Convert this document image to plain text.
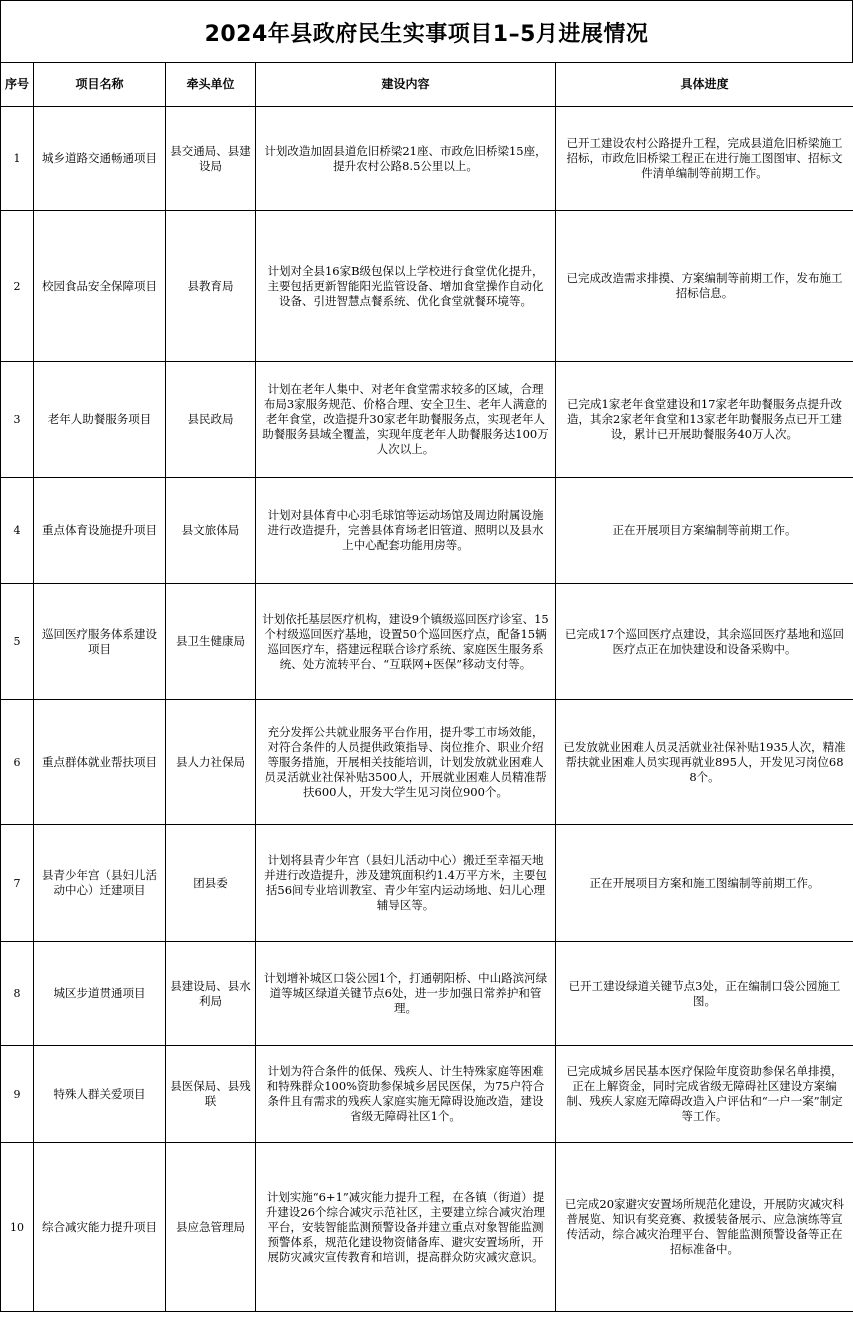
2024年县政府民生实事项目1–5月进展情况
序号	项目名称	牵头单位	建设内容	具体进度
1	城乡道路交通畅通项目	县交通局、县建设局	计划改造加固县道危旧桥梁21座、市政危旧桥梁15座，提升农村公路8.5公里以上。	已开工建设农村公路提升工程，完成县道危旧桥梁施工招标，市政危旧桥梁工程正在进行施工图图审、招标文件清单编制等前期工作。
2	校园食品安全保障项目	县教育局	计划对全县16家B级包保以上学校进行食堂优化提升，主要包括更新智能阳光监管设备、增加食堂操作自动化设备、引进智慧点餐系统、优化食堂就餐环境等。	已完成改造需求排摸、方案编制等前期工作，发布施工招标信息。
3	老年人助餐服务项目	县民政局	计划在老年人集中、对老年食堂需求较多的区域，合理布局3家服务规范、价格合理、安全卫生、老年人满意的老年食堂，改造提升30家老年助餐服务点，实现老年人助餐服务县域全覆盖，实现年度老年人助餐服务达100万人次以上。	已完成1家老年食堂建设和17家老年助餐服务点提升改造，其余2家老年食堂和13家老年助餐服务点已开工建设，累计已开展助餐服务40万人次。
4	重点体育设施提升项目	县文旅体局	计划对县体育中心羽毛球馆等运动场馆及周边附属设施进行改造提升，完善县体育场老旧管道、照明以及县水上中心配套功能用房等。	正在开展项目方案编制等前期工作。
5	巡回医疗服务体系建设项目	县卫生健康局	计划依托基层医疗机构，建设9个镇级巡回医疗诊室、15个村级巡回医疗基地，设置50个巡回医疗点，配备15辆巡回医疗车，搭建远程联合诊疗系统、家庭医生服务系统、处方流转平台、“互联网+医保”移动支付等。	已完成17个巡回医疗点建设，其余巡回医疗基地和巡回医疗点正在加快建设和设备采购中。
6	重点群体就业帮扶项目	县人力社保局	充分发挥公共就业服务平台作用，提升零工市场效能，对符合条件的人员提供政策指导、岗位推介、职业介绍等服务措施，开展相关技能培训，计划发放就业困难人员灵活就业社保补贴3500人，开展就业困难人员精准帮扶600人，开发大学生见习岗位900个。	已发放就业困难人员灵活就业社保补贴1935人次，精准帮扶就业困难人员实现再就业895人，开发见习岗位688个。
7	县青少年宫（县妇儿活动中心）迁建项目	团县委	计划将县青少年宫（县妇儿活动中心）搬迁至幸福天地并进行改造提升，涉及建筑面积约1.4万平方米，主要包括56间专业培训教室、青少年室内运动场地、妇儿心理辅导区等。	正在开展项目方案和施工图编制等前期工作。
8	城区步道贯通项目	县建设局、县水利局	计划增补城区口袋公园1个，打通朝阳桥、中山路滨河绿道等城区绿道关键节点6处，进一步加强日常养护和管理。	已开工建设绿道关键节点3处，正在编制口袋公园施工图。
9	特殊人群关爱项目	县医保局、县残联	计划为符合条件的低保、残疾人、计生特殊家庭等困难和特殊群众100%资助参保城乡居民医保，为75户符合条件且有需求的残疾人家庭实施无障碍设施改造，建设省级无障碍社区1个。	已完成城乡居民基本医疗保险年度资助参保名单排摸，正在上解资金，同时完成省级无障碍社区建设方案编制、残疾人家庭无障碍改造入户评估和“一户一案”制定等工作。
10	综合减灾能力提升项目	县应急管理局	计划实施“6+1”减灾能力提升工程，在各镇（街道）提升建设26个综合减灾示范社区，主要建立综合减灾治理平台，安装智能监测预警设备并建立重点对象智能监测预警体系，规范化建设物资储备库、避灾安置场所，开展防灾减灾宣传教育和培训，提高群众防灾减灾意识。	已完成20家避灾安置场所规范化建设，开展防灾减灾科普展览、知识有奖竞赛、救援装备展示、应急演练等宣传活动，综合减灾治理平台、智能监测预警设备等正在招标准备中。
